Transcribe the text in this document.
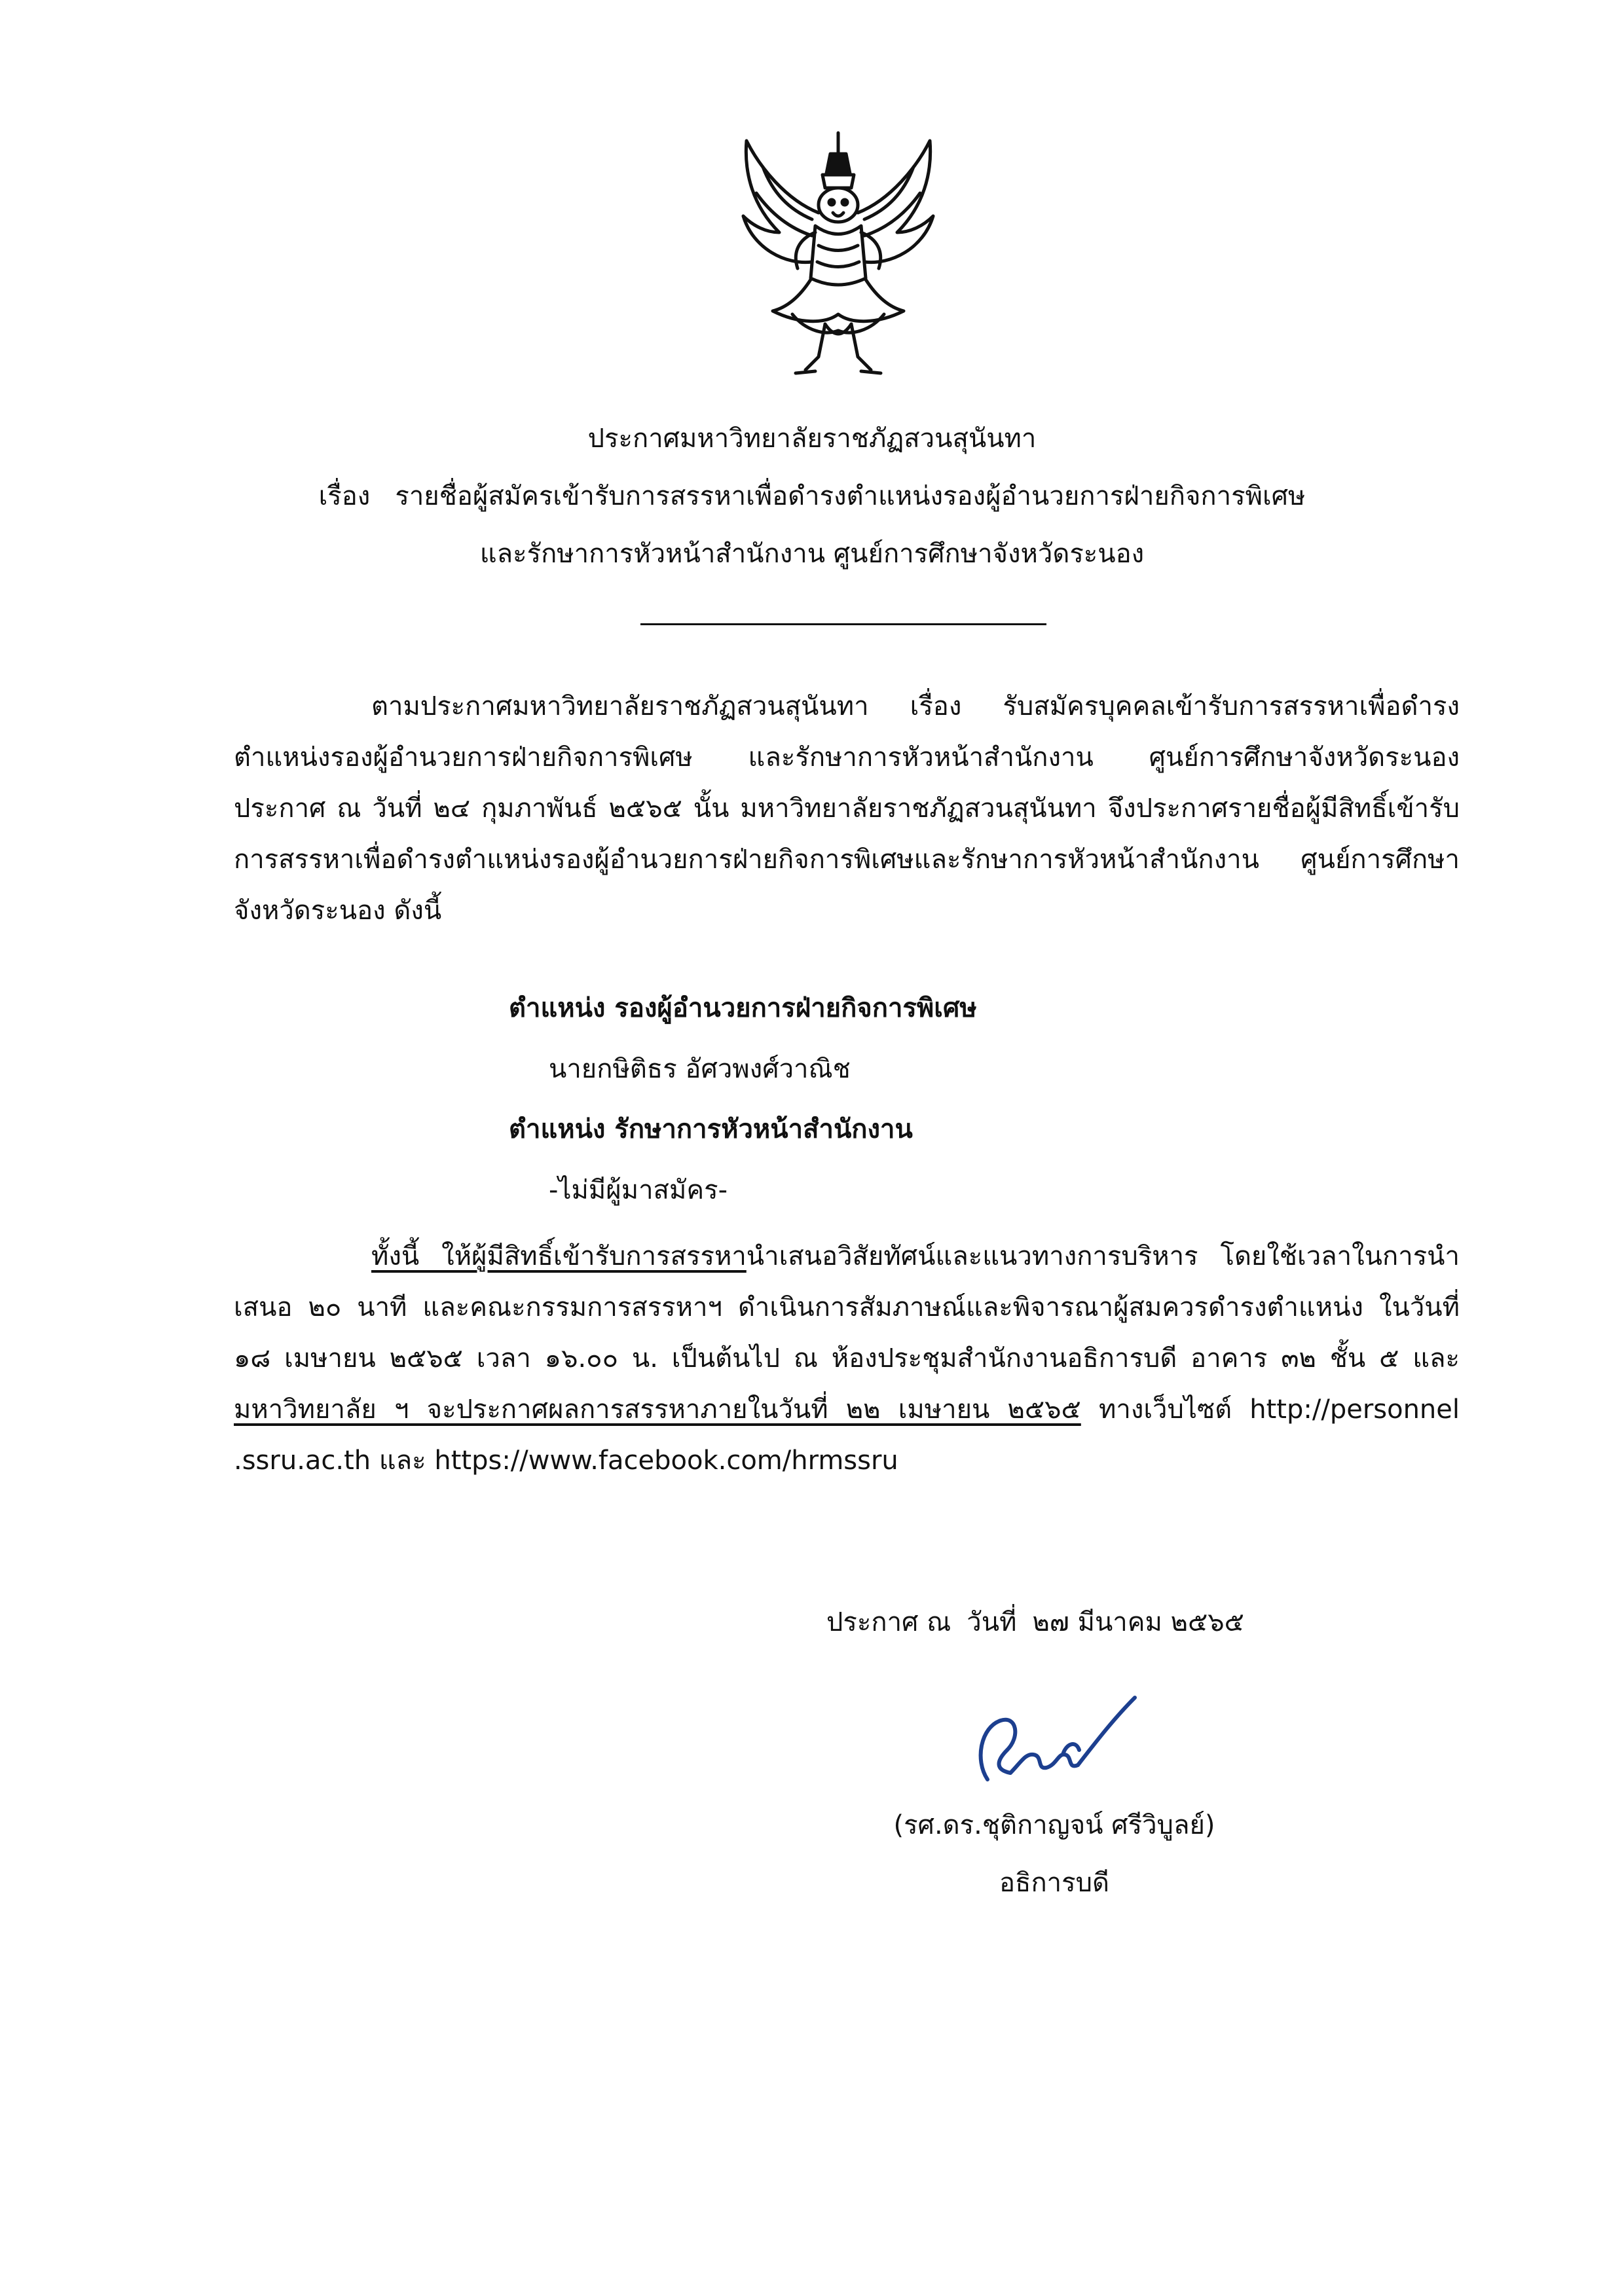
ประกาศมหาวิทยาลัยราชภัฏสวนสุนันทา
เรื่อง รายชื่อผู้สมัครเข้ารับการสรรหาเพื่อดำรงตำแหน่งรองผู้อำนวยการฝ่ายกิจการพิเศษ
และรักษาการหัวหน้าสำนักงาน ศูนย์การศึกษาจังหวัดระนอง

ตามประกาศมหาวิทยาลัยราชภัฏสวนสุนันทา เรื่อง รับสมัครบุคคลเข้ารับการสรรหาเพื่อดำรงตำแหน่งรองผู้อำนวยการฝ่ายกิจการพิเศษ และรักษาการหัวหน้าสำนักงาน ศูนย์การศึกษาจังหวัดระนอง ประกาศ ณ วันที่ ๒๔ กุมภาพันธ์ ๒๕๖๕ นั้น มหาวิทยาลัยราชภัฏสวนสุนันทา จึงประกาศรายชื่อผู้มีสิทธิ์เข้ารับการสรรหาเพื่อดำรงตำแหน่งรองผู้อำนวยการฝ่ายกิจการพิเศษและรักษาการหัวหน้าสำนักงาน ศูนย์การศึกษาจังหวัดระนอง ดังนี้

ตำแหน่ง รองผู้อำนวยการฝ่ายกิจการพิเศษ
นายกษิติธร อัศวพงศ์วาณิช
ตำแหน่ง รักษาการหัวหน้าสำนักงาน
-ไม่มีผู้มาสมัคร-

ทั้งนี้ ให้ผู้มีสิทธิ์เข้ารับการสรรหานำเสนอวิสัยทัศน์และแนวทางการบริหาร โดยใช้เวลาในการนำเสนอ ๒๐ นาที และคณะกรรมการสรรหาฯ ดำเนินการสัมภาษณ์และพิจารณาผู้สมควรดำรงตำแหน่ง ในวันที่ ๑๘ เมษายน ๒๕๖๕ เวลา ๑๖.๐๐ น. เป็นต้นไป ณ ห้องประชุมสำนักงานอธิการบดี อาคาร ๓๒ ชั้น ๕ และ มหาวิทยาลัย ฯ จะประกาศผลการสรรหาภายในวันที่ ๒๒ เมษายน ๒๕๖๕ ทางเว็บไซต์ http://personnel .ssru.ac.th และ https://www.facebook.com/hrmssru

ประกาศ ณ วันที่ ๒๗ มีนาคม ๒๕๖๕
(รศ.ดร.ชุติกาญจน์ ศรีวิบูลย์)
อธิการบดี
